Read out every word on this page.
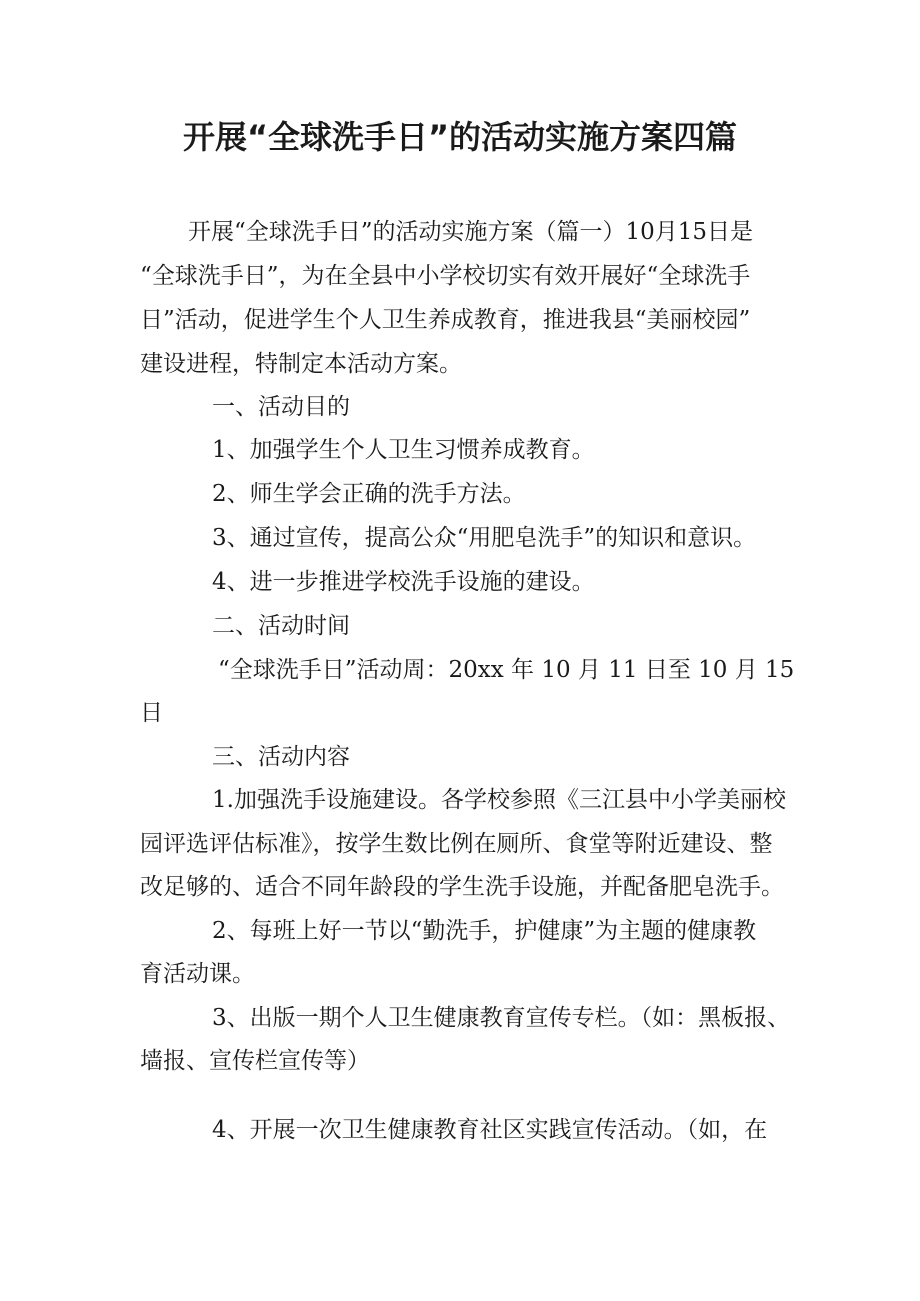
开展“全球洗手日”的活动实施方案四篇
开展“全球洗手日”的活动实施方案（篇一）10月15日是
“全球洗手日”，为在全县中小学校切实有效开展好“全球洗手
日”活动，促进学生个人卫生养成教育，推进我县“美丽校园”
建设进程，特制定本活动方案。
一、活动目的
1、加强学生个人卫生习惯养成教育。
2、师生学会正确的洗手方法。
3、通过宣传，提高公众“用肥皂洗手”的知识和意识。
4、进一步推进学校洗手设施的建设。
二、活动时间
“全球洗手日”活动周：20xx 年 10 月 11 日至 10 月 15
日
三、活动内容
1.加强洗手设施建设。各学校参照《三江县中小学美丽校
园评选评估标准》，按学生数比例在厕所、食堂等附近建设、整
改足够的、适合不同年龄段的学生洗手设施，并配备肥皂洗手。
2、每班上好一节以“勤洗手，护健康”为主题的健康教
育活动课。
3、出版一期个人卫生健康教育宣传专栏。（如：黑板报、
墙报、宣传栏宣传等）
4、开展一次卫生健康教育社区实践宣传活动。（如，在
